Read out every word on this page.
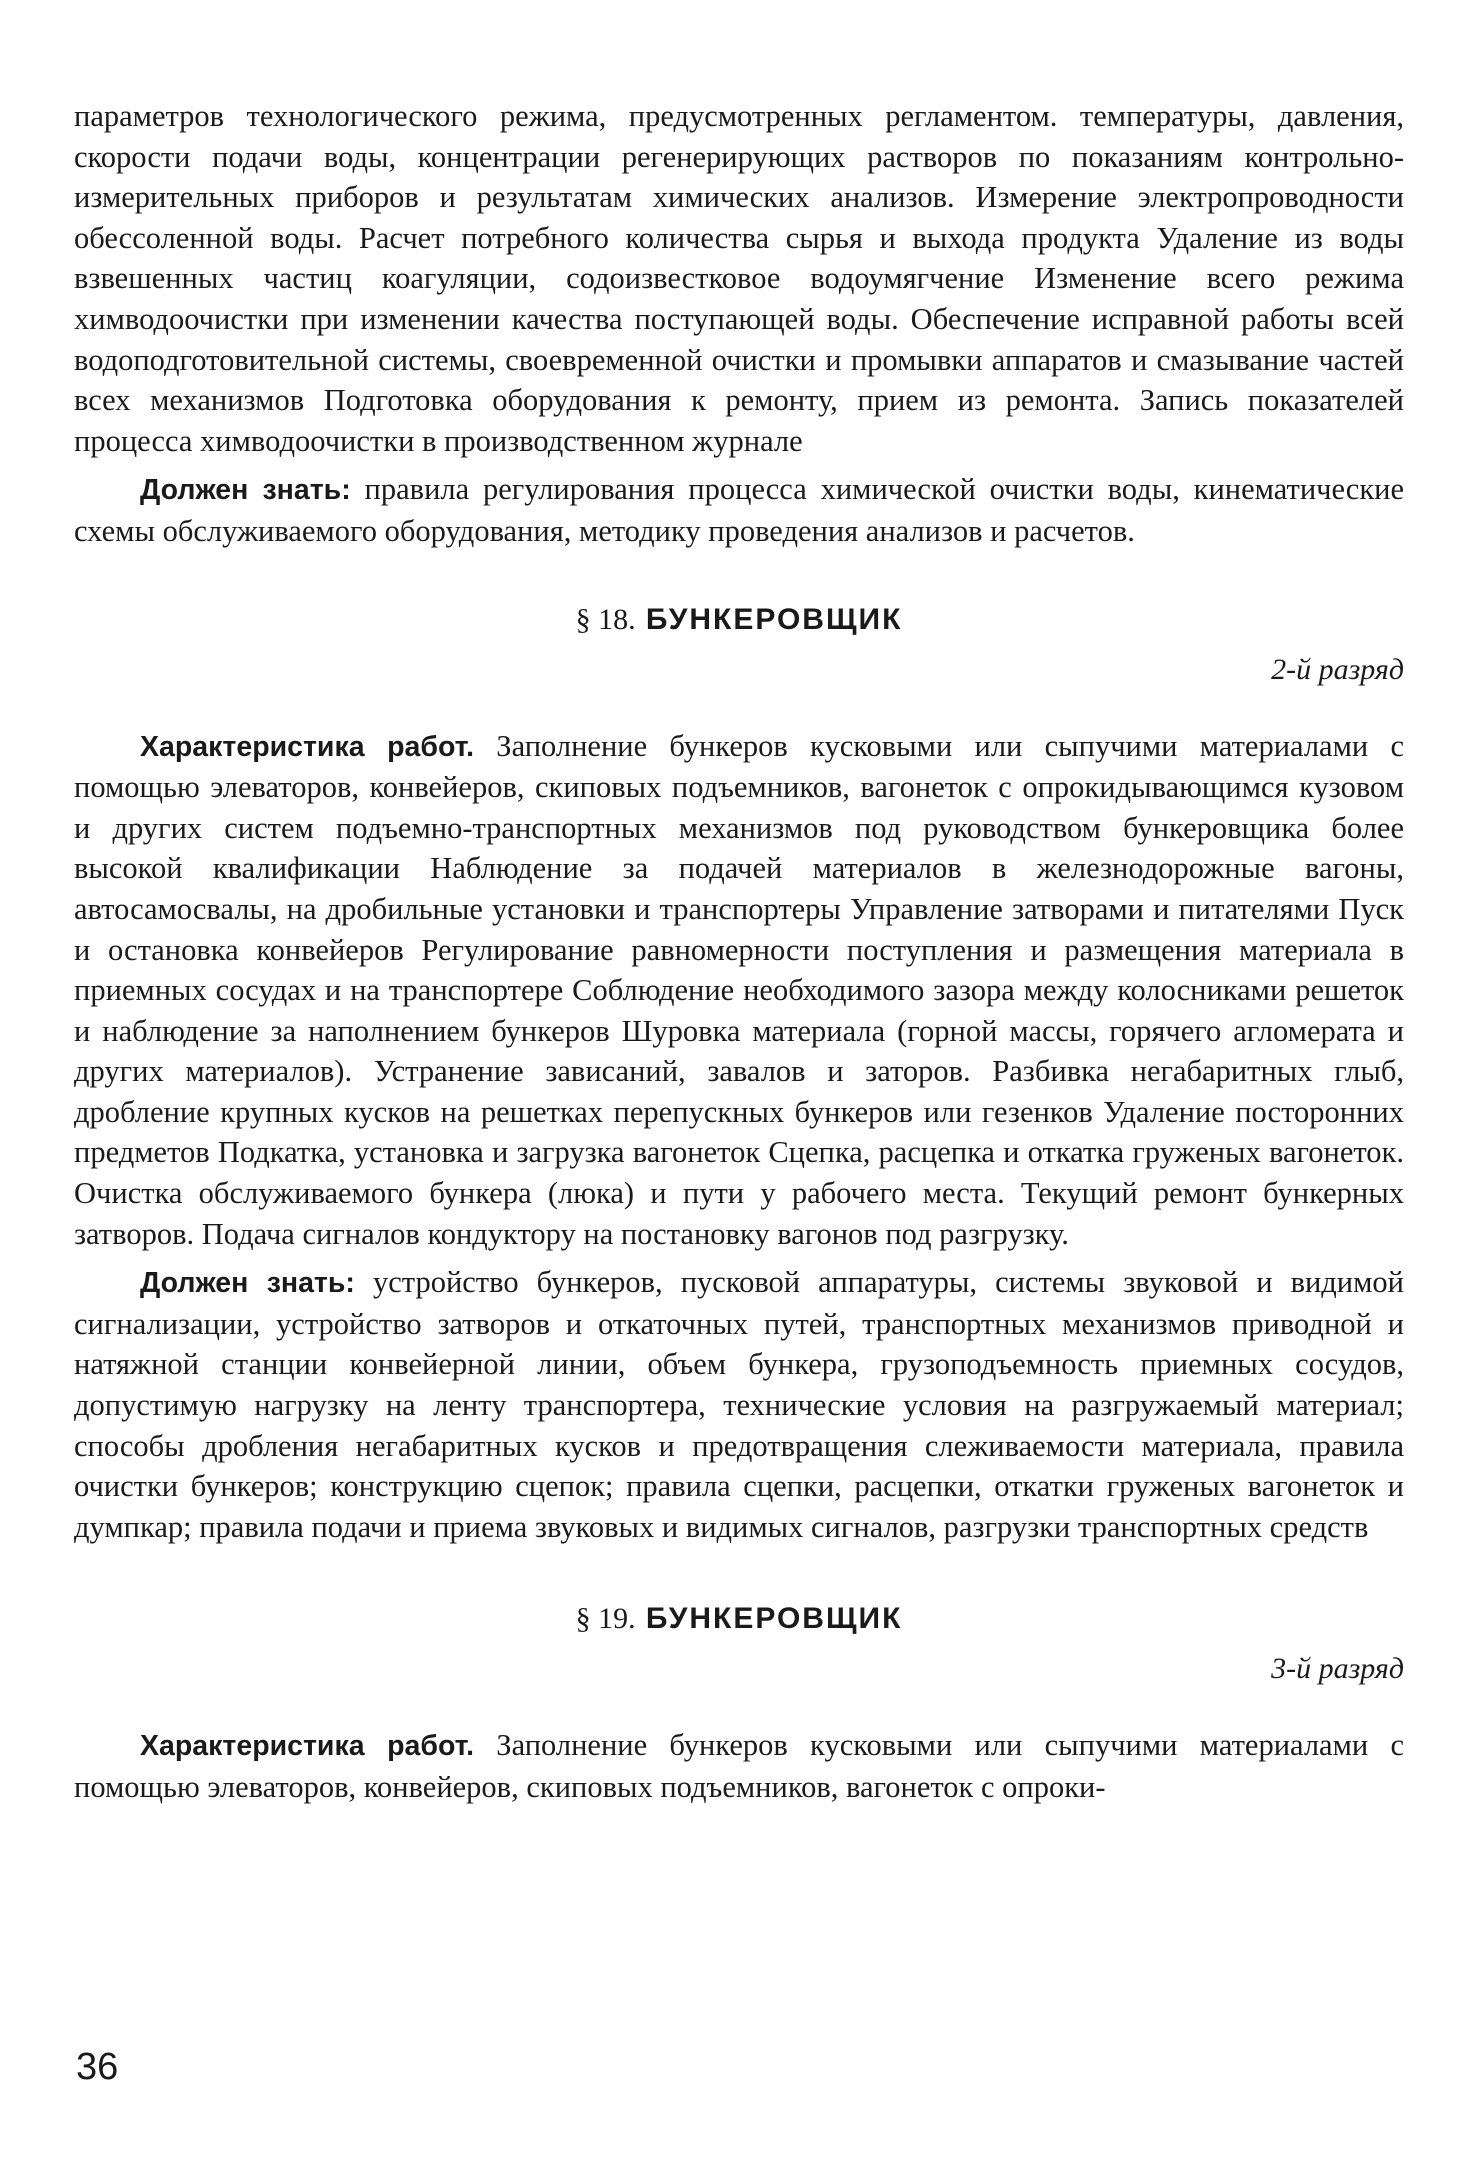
параметров технологического режима, предусмотренных регламентом. температуры, давления, скорости подачи воды, концентрации регенерирующих растворов по показаниям контрольно-измерительных приборов и результатам химических анализов. Измерение электропроводности обессоленной воды. Расчет потребного количества сырья и выхода продукта Удаление из воды взвешенных частиц коагуляции, содоизвестковое водоумягчение Изменение всего режима химводоочистки при изменении качества поступающей воды. Обеспечение исправной работы всей водоподготовительной системы, своевременной очистки и промывки аппаратов и смазывание частей всех механизмов Подготовка оборудования к ремонту, прием из ремонта. Запись показателей процесса химводоочистки в производственном журнале

Должен знать: правила регулирования процесса химической очистки воды, кинематические схемы обслуживаемого оборудования, методику проведения анализов и расчетов.

§ 18. БУНКЕРОВЩИК
2-й разряд

Характеристика работ. Заполнение бункеров кусковыми или сыпучими материалами с помощью элеваторов, конвейеров, скиповых подъемников, вагонеток с опрокидывающимся кузовом и других систем подъемно-транспортных механизмов под руководством бункеровщика более высокой квалификации Наблюдение за подачей материалов в железнодорожные вагоны, автосамосвалы, на дробильные установки и транспортеры Управление затворами и питателями Пуск и остановка конвейеров Регулирование равномерности поступления и размещения материала в приемных сосудах и на транспортере Соблюдение необходимого зазора между колосниками решеток и наблюдение за наполнением бункеров Шуровка материала (горной массы, горячего агломерата и других материалов). Устранение зависаний, завалов и заторов. Разбивка негабаритных глыб, дробление крупных кусков на решетках перепускных бункеров или гезенков Удаление посторонних предметов Подкатка, установка и загрузка вагонеток Сцепка, расцепка и откатка груженых вагонеток. Очистка обслуживаемого бункера (люка) и пути у рабочего места. Текущий ремонт бункерных затворов. Подача сигналов кондуктору на постановку вагонов под разгрузку.

Должен знать: устройство бункеров, пусковой аппаратуры, системы звуковой и видимой сигнализации, устройство затворов и откаточных путей, транспортных механизмов приводной и натяжной станции конвейерной линии, объем бункера, грузоподъемность приемных сосудов, допустимую нагрузку на ленту транспортера, технические условия на разгружаемый материал; способы дробления негабаритных кусков и предотвращения слеживаемости материала, правила очистки бункеров; конструкцию сцепок; правила сцепки, расцепки, откатки груженых вагонеток и думпкар; правила подачи и приема звуковых и видимых сигналов, разгрузки транспортных средств

§ 19. БУНКЕРОВЩИК
3-й разряд

Характеристика работ. Заполнение бункеров кусковыми или сыпучими материалами с помощью элеваторов, конвейеров, скиповых подъемников, вагонеток с опроки-

36
